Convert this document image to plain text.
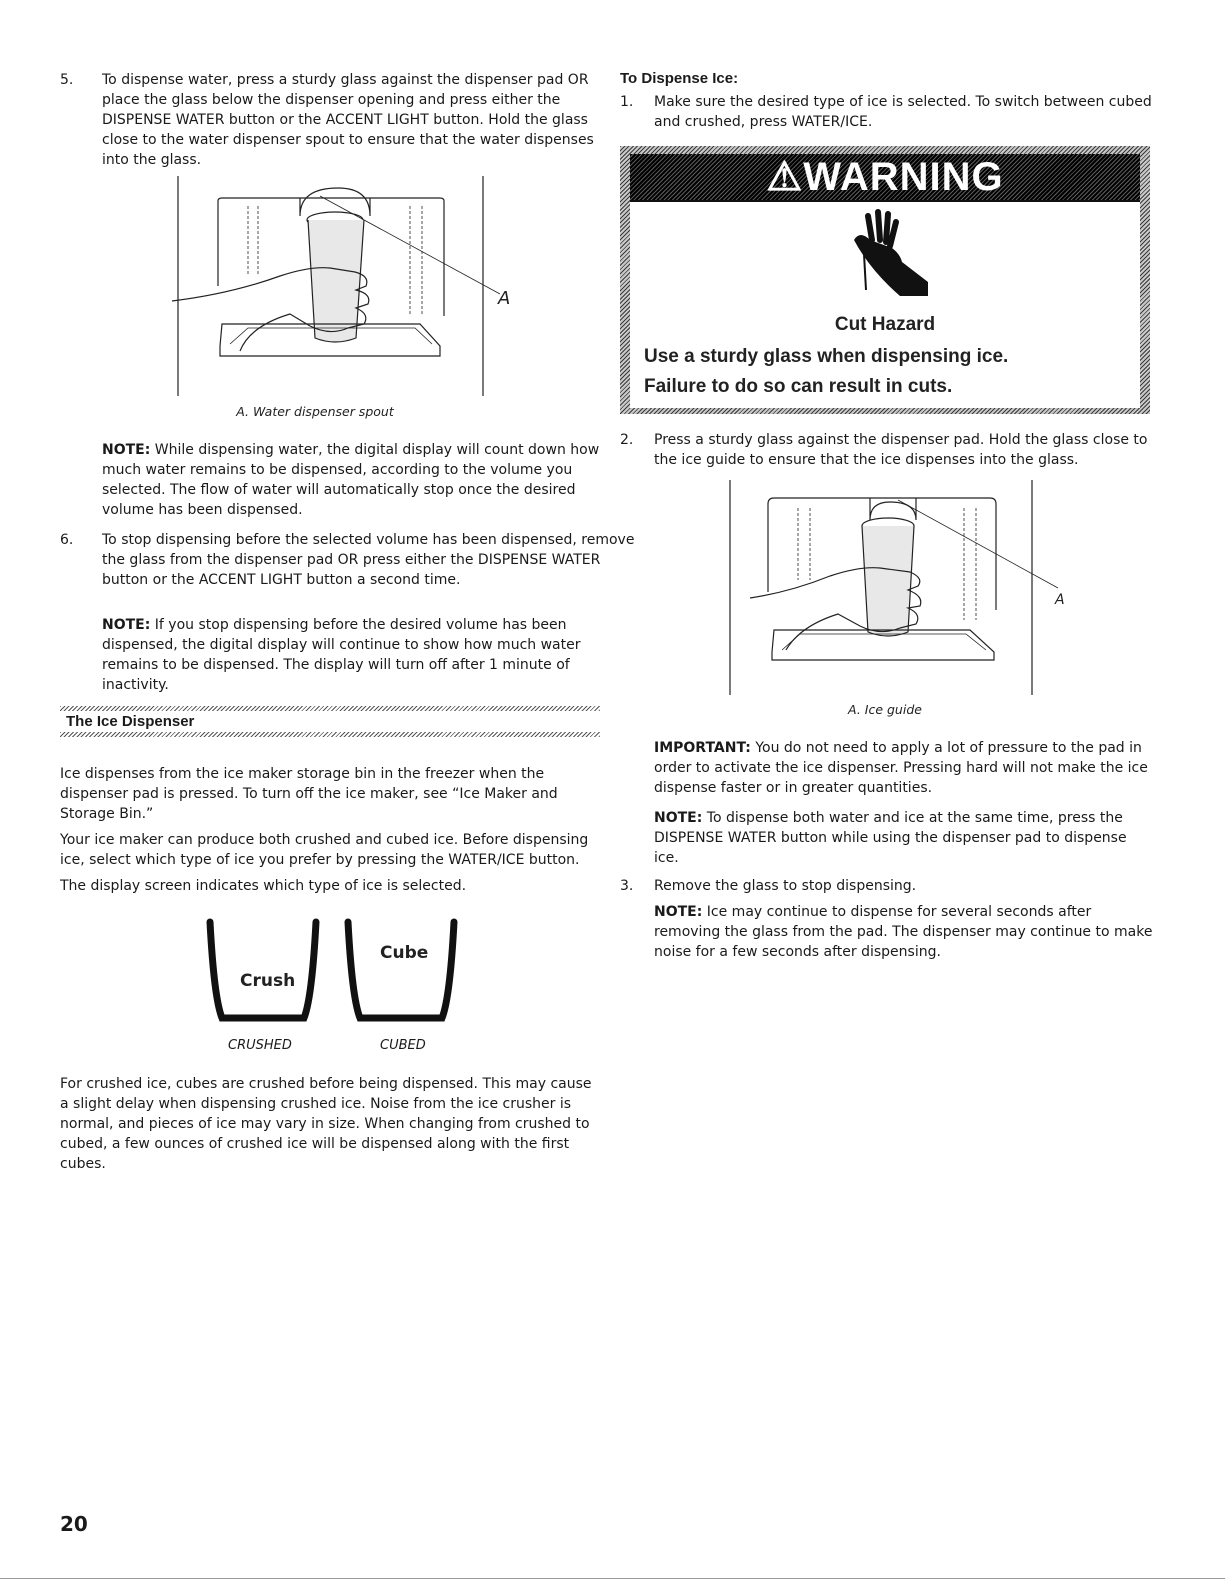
5. To dispense water, press a sturdy glass against the dispenser pad OR place the glass below the dispenser opening and press either the DISPENSE WATER button or the ACCENT LIGHT button. Hold the glass close to the water dispenser spout to ensure that the water dispenses into the glass.

A
A. Water dispenser spout

NOTE: While dispensing water, the digital display will count down how much water remains to be dispensed, according to the volume you selected. The flow of water will automatically stop once the desired volume has been dispensed.

6. To stop dispensing before the selected volume has been dispensed, remove the glass from the dispenser pad OR press either the DISPENSE WATER button or the ACCENT LIGHT button a second time.

NOTE: If you stop dispensing before the desired volume has been dispensed, the digital display will continue to show how much water remains to be dispensed. The display will turn off after 1 minute of inactivity.

The Ice Dispenser

Ice dispenses from the ice maker storage bin in the freezer when the dispenser pad is pressed. To turn off the ice maker, see “Ice Maker and Storage Bin.”

Your ice maker can produce both crushed and cubed ice. Before dispensing ice, select which type of ice you prefer by pressing the WATER/ICE button.

The display screen indicates which type of ice is selected.

Crush
Cube
CRUSHED	CUBED

For crushed ice, cubes are crushed before being dispensed. This may cause a slight delay when dispensing crushed ice. Noise from the ice crusher is normal, and pieces of ice may vary in size. When changing from crushed to cubed, a few ounces of crushed ice will be dispensed along with the first cubes.

To Dispense Ice:

1. Make sure the desired type of ice is selected. To switch between cubed and crushed, press WATER/ICE.

⚠WARNING
Cut Hazard
Use a sturdy glass when dispensing ice.
Failure to do so can result in cuts.

2. Press a sturdy glass against the dispenser pad. Hold the glass close to the ice guide to ensure that the ice dispenses into the glass.

A
A. Ice guide

IMPORTANT: You do not need to apply a lot of pressure to the pad in order to activate the ice dispenser. Pressing hard will not make the ice dispense faster or in greater quantities.

NOTE: To dispense both water and ice at the same time, press the DISPENSE WATER button while using the dispenser pad to dispense ice.

3. Remove the glass to stop dispensing.

NOTE: Ice may continue to dispense for several seconds after removing the glass from the pad. The dispenser may continue to make noise for a few seconds after dispensing.

20
